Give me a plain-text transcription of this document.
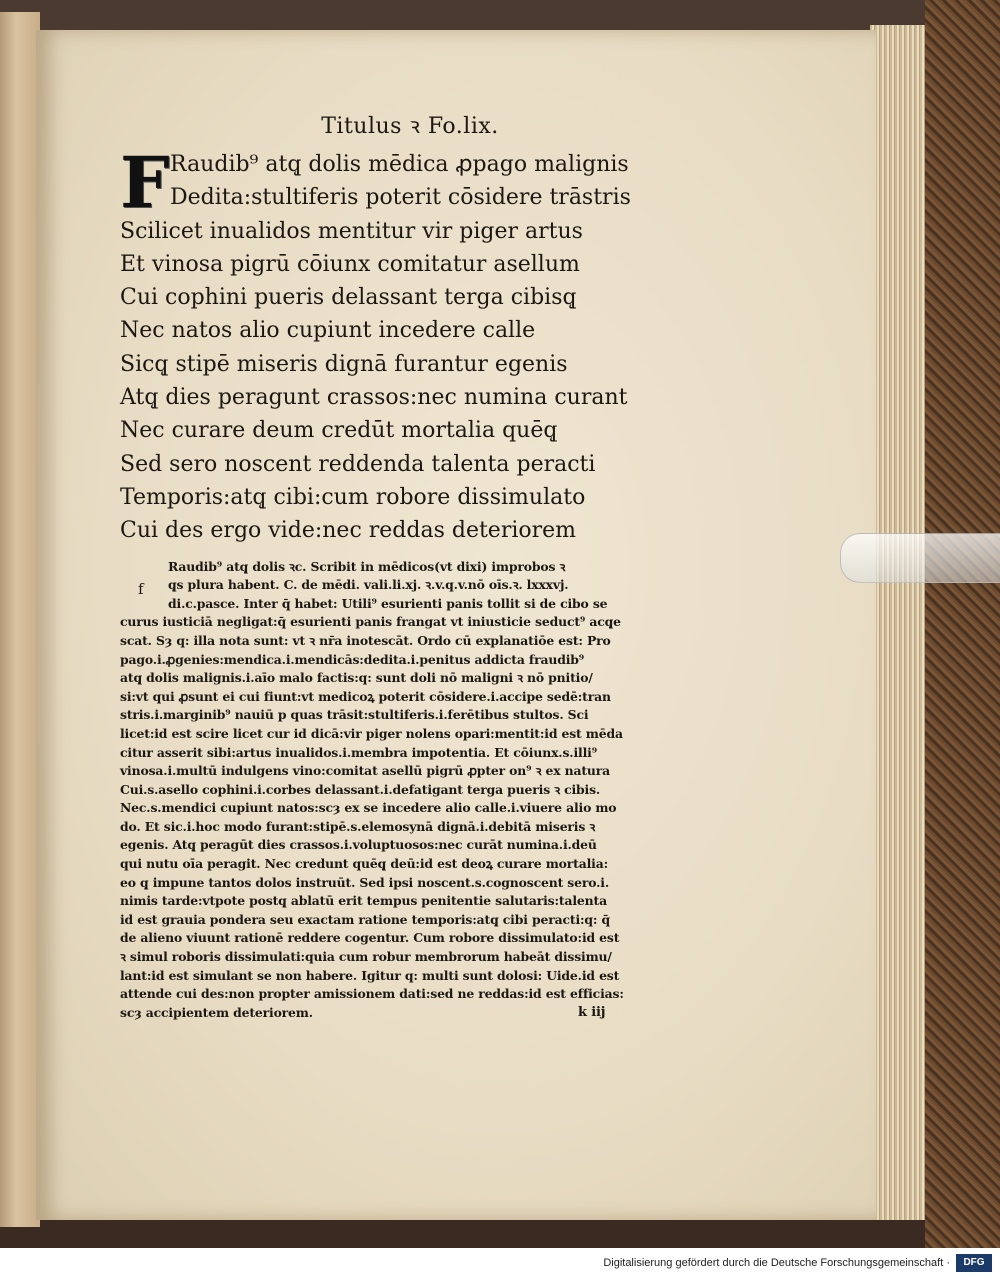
Titulus ꝛ Fo.lix.
F Raudib⁹ atq̨ dolis mēdica ꝓpago malignis
Dedita:stultiferis poterit cōsidere trāstris
Scilicet inualidos mentitur vir piger artus
Et vinosa pigrū cōiunx comitatur asellum
Cui cophini pueris delassant terga cibisq̨
Nec natos alio cupiunt incedere calle
Sicq̨ stipē miseris dignā furantur egenis
Atq̨ dies peragunt crassos:nec numina curant
Nec curare deum credūt mortalia quēq̨
Sed sero noscent reddenda talenta peracti
Temporis:atq̨ cibi:cum robore dissimulato
Cui des ergo vide:nec reddas deteriorem
f
Raudib⁹ atq̨ dolis ꝛc. Scribit in mēdicos(vt dixi) improbos ꝛ
q̨s plura habent. C. de mēdi. vali.li.xj. ꝛ.v.q.v.nō oīs.ꝛ. lxxxvj.
di.c.pasce. Inter q̄ habet: Utili⁹ esurienti panis tollit si de cibo se
curus iusticiā negligat:q̄ esurienti panis frangat vt iniusticie seduct⁹ acq̨e
scat. Sȝ q: illa nota sunt: vt ꝛ nr̄a inotescāt. Ordo cū explanatiōe est: Pro
pago.i.ꝓgenies:mendica.i.mendicās:dedita.i.penitus addicta fraudib⁹
atq̨ dolis malignis.i.aīo malo factis:q: sunt doli nō maligni ꝛ nō pnitio/
si:vt qui ꝓsunt ei cui fiunt:vt medicoꝝ poterit cōsidere.i.accipe sedē:tran
stris.i.marginib⁹ nauiū p quas trāsit:stultiferis.i.ferētibus stultos. Sci
licet:id est scire licet cur id dicā:vir piger nolens opari:mentit:id est mēda
citur asserit sibi:artus inualidos.i.membra impotentia. Et cōiunx.s.illi⁹
vinosa.i.multū indulgens vino:comitat asellū pigrū ꝓpter on⁹ ꝛ ex natura
Cui.s.asello cophini.i.corbes delassant.i.defatigant terga pueris ꝛ cibis.
Nec.s.mendici cupiunt natos:scȝ ex se incedere alio calle.i.viuere alio mo
do. Et sic.i.hoc modo furant:stipē.s.elemosynā dignā.i.debitā miseris ꝛ
egenis. Atq̨ peragūt dies crassos.i.voluptuosos:nec curāt numina.i.deū
qui nutu oīa peragit. Nec credunt quēq̨ deū:id est deoꝝ curare mortalia:
eo q̨ impune tantos dolos instruūt. Sed ipsi noscent.s.cognoscent sero.i.
nimis tarde:vtpote postq̨ ablatū erit tempus penitentie salutaris:talenta
id est grauia pondera seu exactam ratione temporis:atq̨ cibi peracti:q: q̄
de alieno viuunt rationē reddere cogentur. Cum robore dissimulato:id est
ꝛ simul roboris dissimulati:quia cum robur membrorum habeāt dissimu/
lant:id est simulant se non habere. Igitur q: multi sunt dolosi: Uide.id est
attende cui des:non propter amissionem dati:sed ne reddas:id est efficias:
scȝ accipientem deteriorem.	k iij
Digitalisierung gefördert durch die Deutsche Forschungsgemeinschaft ·	DFG
